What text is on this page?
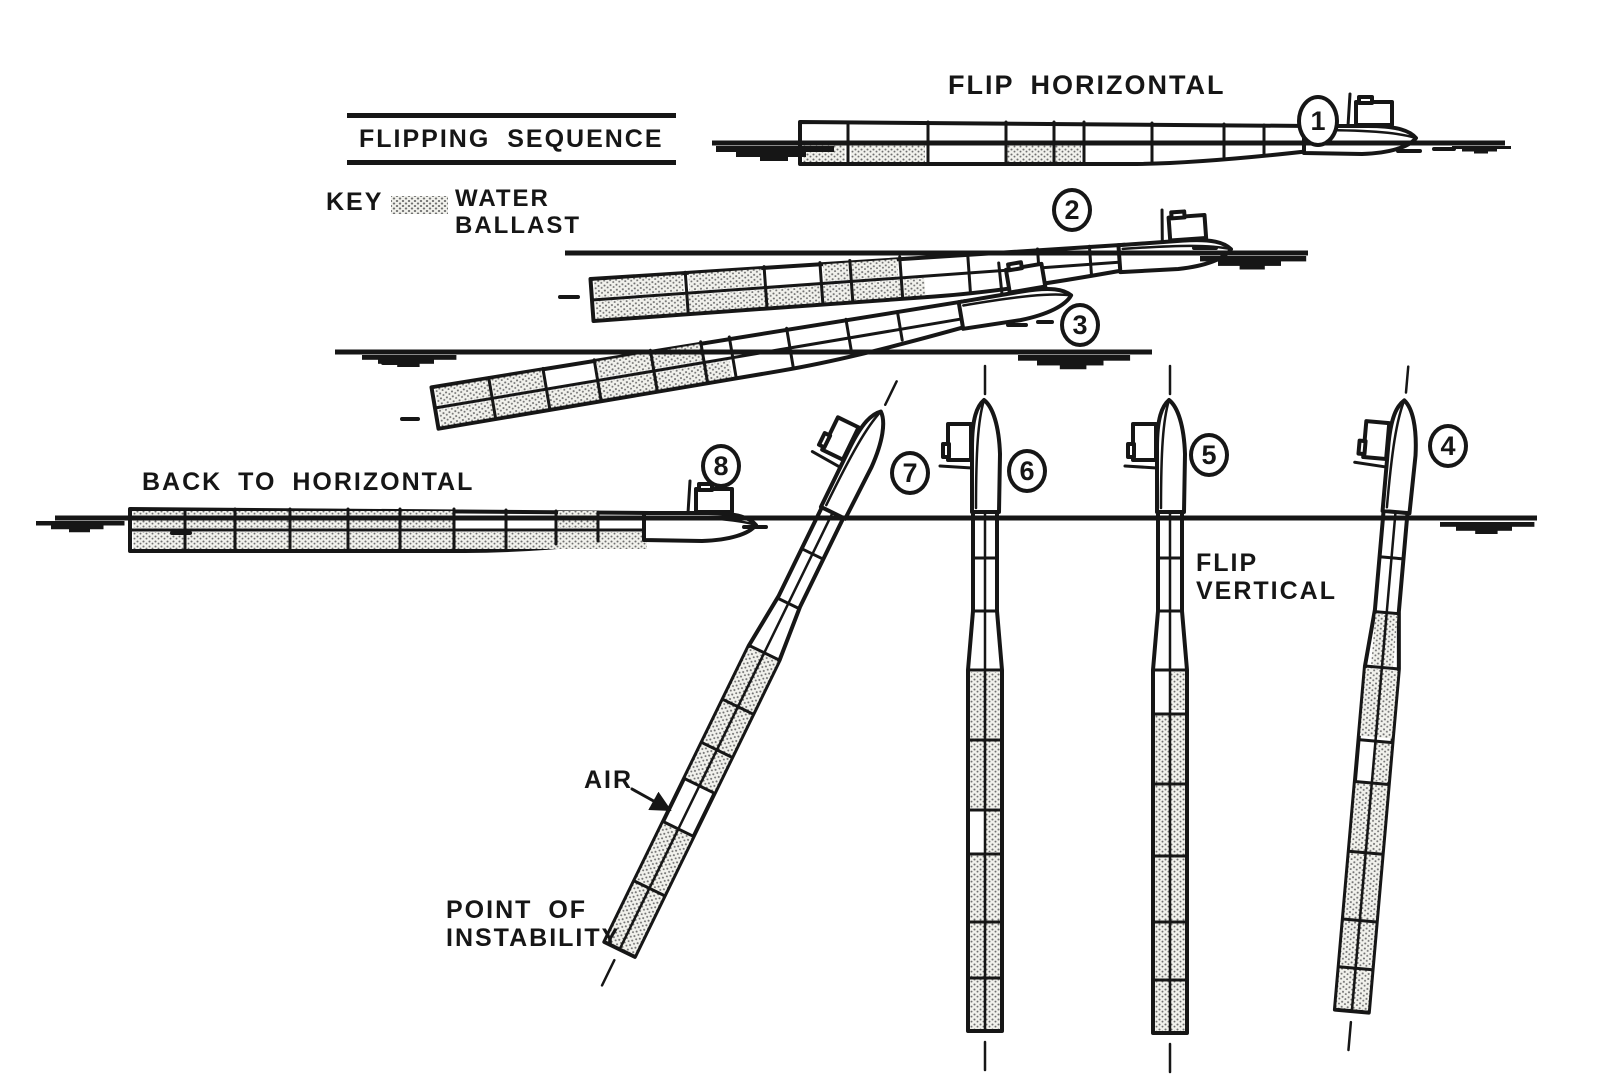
FLIPPING SEQUENCE
KEY	WATER
BALLAST
FLIP HORIZONTAL
BACK TO HORIZONTAL
FLIP
VERTICAL
AIR
POINT OF
INSTABILITY
1
2
3
4
5
6
7
8
